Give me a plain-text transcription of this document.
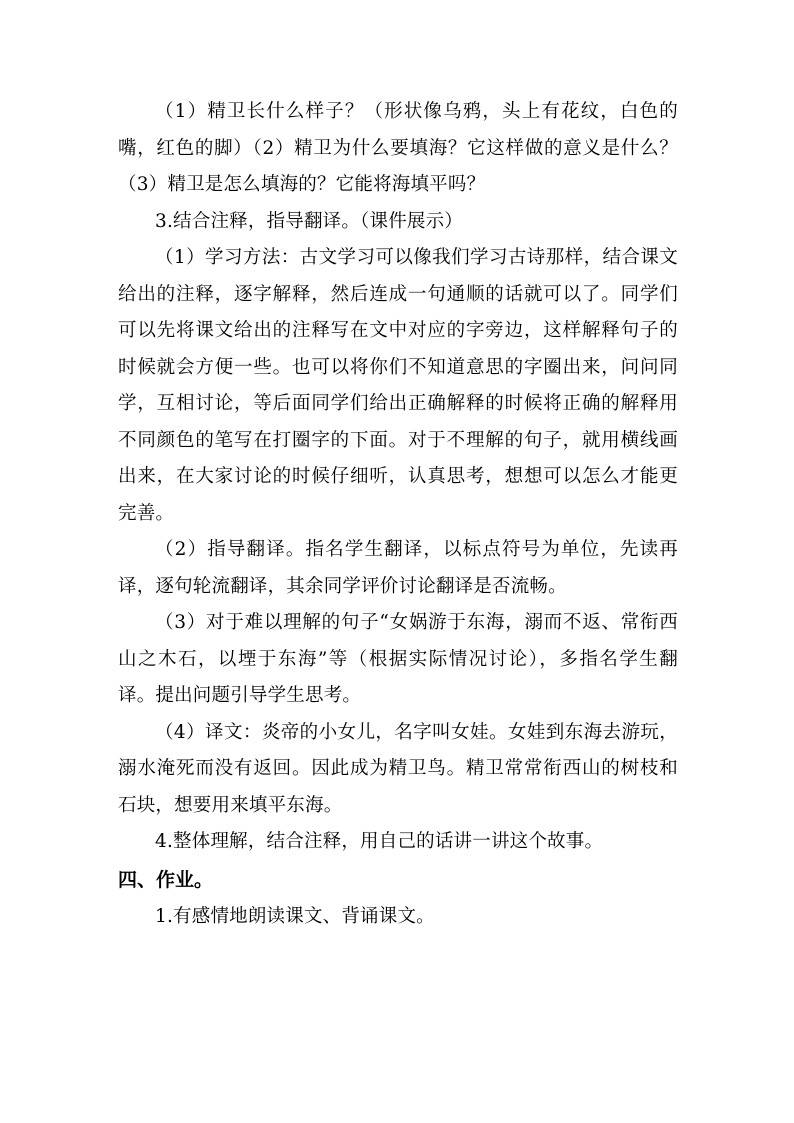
（1）精卫长什么样子？（形状像乌鸦，头上有花纹，白色的嘴，红色的脚）（2）精卫为什么要填海？它这样做的意义是什么？（3）精卫是怎么填海的？它能将海填平吗？

3.结合注释，指导翻译。（课件展示）

（1）学习方法：古文学习可以像我们学习古诗那样，结合课文给出的注释，逐字解释，然后连成一句通顺的话就可以了。同学们可以先将课文给出的注释写在文中对应的字旁边，这样解释句子的时候就会方便一些。也可以将你们不知道意思的字圈出来，问问同学，互相讨论，等后面同学们给出正确解释的时候将正确的解释用不同颜色的笔写在打圈字的下面。对于不理解的句子，就用横线画出来，在大家讨论的时候仔细听，认真思考，想想可以怎么才能更完善。

（2）指导翻译。指名学生翻译，以标点符号为单位，先读再译，逐句轮流翻译，其余同学评价讨论翻译是否流畅。

（3）对于难以理解的句子“女娲游于东海，溺而不返、常衔西山之木石，以堙于东海”等（根据实际情况讨论），多指名学生翻译。提出问题引导学生思考。

（4）译文：炎帝的小女儿，名字叫女娃。女娃到东海去游玩，溺水淹死而没有返回。因此成为精卫鸟。精卫常常衔西山的树枝和石块，想要用来填平东海。

4.整体理解，结合注释，用自己的话讲一讲这个故事。

四、作业。

1.有感情地朗读课文、背诵课文。
